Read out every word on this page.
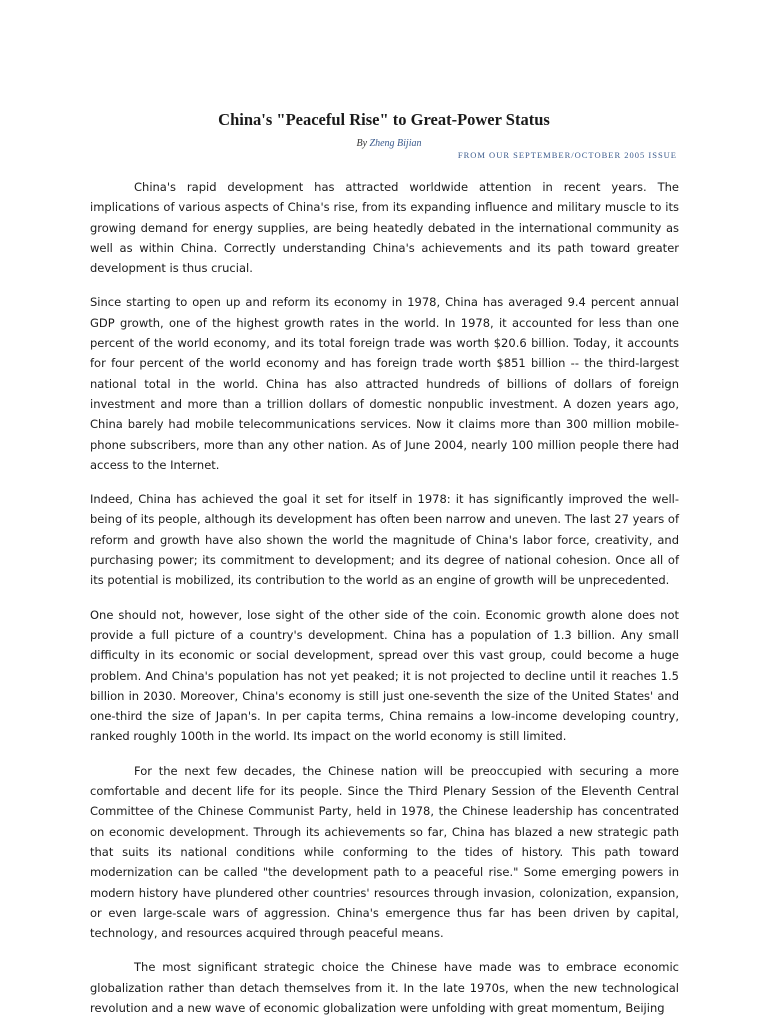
China's "Peaceful Rise" to Great-Power Status
By Zheng Bijian
FROM OUR SEPTEMBER/OCTOBER 2005 ISSUE

China's rapid development has attracted worldwide attention in recent years. The implications of various aspects of China's rise, from its expanding influence and military muscle to its growing demand for energy supplies, are being heatedly debated in the international community as well as within China. Correctly understanding China's achievements and its path toward greater development is thus crucial.

Since starting to open up and reform its economy in 1978, China has averaged 9.4 percent annual GDP growth, one of the highest growth rates in the world. In 1978, it accounted for less than one percent of the world economy, and its total foreign trade was worth $20.6 billion. Today, it accounts for four percent of the world economy and has foreign trade worth $851 billion -- the third-largest national total in the world. China has also attracted hundreds of billions of dollars of foreign investment and more than a trillion dollars of domestic nonpublic investment. A dozen years ago, China barely had mobile telecommunications services. Now it claims more than 300 million mobile-phone subscribers, more than any other nation. As of June 2004, nearly 100 million people there had access to the Internet.

Indeed, China has achieved the goal it set for itself in 1978: it has significantly improved the well-being of its people, although its development has often been narrow and uneven. The last 27 years of reform and growth have also shown the world the magnitude of China's labor force, creativity, and purchasing power; its commitment to development; and its degree of national cohesion. Once all of its potential is mobilized, its contribution to the world as an engine of growth will be unprecedented.

One should not, however, lose sight of the other side of the coin. Economic growth alone does not provide a full picture of a country's development. China has a population of 1.3 billion. Any small difficulty in its economic or social development, spread over this vast group, could become a huge problem. And China's population has not yet peaked; it is not projected to decline until it reaches 1.5 billion in 2030. Moreover, China's economy is still just one-seventh the size of the United States' and one-third the size of Japan's. In per capita terms, China remains a low-income developing country, ranked roughly 100th in the world. Its impact on the world economy is still limited.

For the next few decades, the Chinese nation will be preoccupied with securing a more comfortable and decent life for its people. Since the Third Plenary Session of the Eleventh Central Committee of the Chinese Communist Party, held in 1978, the Chinese leadership has concentrated on economic development. Through its achievements so far, China has blazed a new strategic path that suits its national conditions while conforming to the tides of history. This path toward modernization can be called "the development path to a peaceful rise." Some emerging powers in modern history have plundered other countries' resources through invasion, colonization, expansion, or even large-scale wars of aggression. China's emergence thus far has been driven by capital, technology, and resources acquired through peaceful means.

The most significant strategic choice the Chinese have made was to embrace economic globalization rather than detach themselves from it. In the late 1970s, when the new technological revolution and a new wave of economic globalization were unfolding with great momentum, Beijing
